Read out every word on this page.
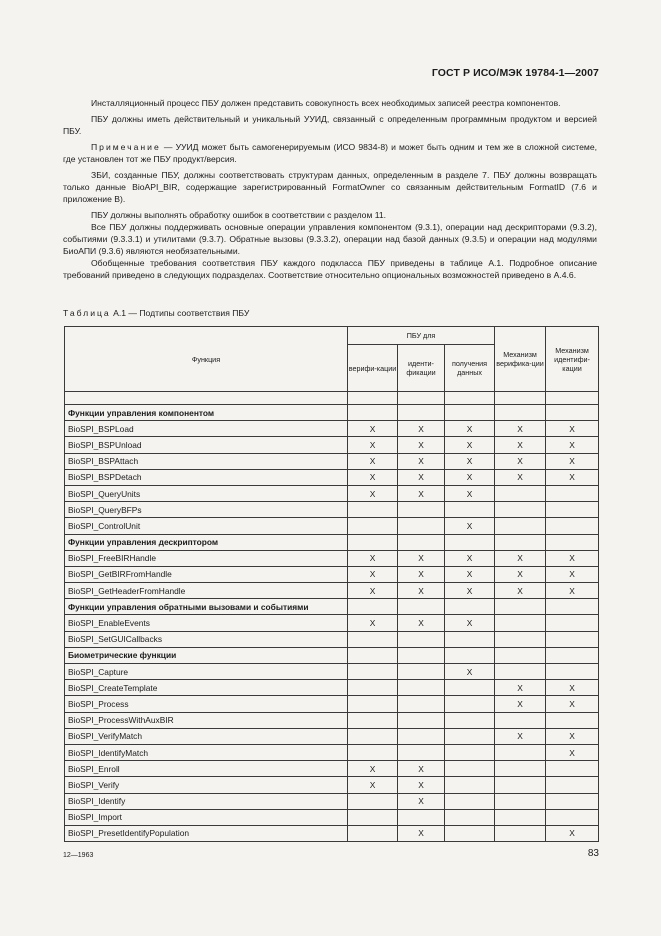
ГОСТ Р ИСО/МЭК 19784-1—2007

Инсталляционный процесс ПБУ должен представить совокупность всех необходимых записей реестра компонентов.

ПБУ должны иметь действительный и уникальный УУИД, связанный с определенным программным продуктом и версией ПБУ.

Примечание — УУИД может быть самогенерируемым (ИСО 9834-8) и может быть одним и тем же в сложной системе, где установлен тот же ПБУ продукт/версия.

ЗБИ, созданные ПБУ, должны соответствовать структурам данных, определенным в разделе 7. ПБУ должны возвращать только данные BioAPI_BIR, содержащие зарегистрированный FormatOwner со связанным действительным FormatID (7.6 и приложение B).

ПБУ должны выполнять обработку ошибок в соответствии с разделом 11.

Все ПБУ должны поддерживать основные операции управления компонентом (9.3.1), операции над дескрипторами (9.3.2), событиями (9.3.3.1) и утилитами (9.3.7). Обратные вызовы (9.3.3.2), операции над базой данных (9.3.5) и операции над модулями БиоАПИ (9.3.6) являются необязательными.

Обобщенные требования соответствия ПБУ каждого подкласса ПБУ приведены в таблице А.1. Подробное описание требований приведено в следующих подразделах. Соответствие относительно опциональных возможностей приведено в А.4.6.

Таблица А.1 — Подтипы соответствия ПБУ
Функция	ПБУ для			Механизм верифика-ции	Механизм идентифи-кации
	верифи-кации	иденти-фикации	получения данных		

Функции управления компонентом					
BioSPI_BSPLoad	X	X	X	X	X
BioSPI_BSPUnload	X	X	X	X	X
BioSPI_BSPAttach	X	X	X	X	X
BioSPI_BSPDetach	X	X	X	X	X
BioSPI_QueryUnits	X	X	X		
BioSPI_QueryBFPs					
BioSPI_ControlUnit			X		
Функции управления дескриптором					
BioSPI_FreeBIRHandle	X	X	X	X	X
BioSPI_GetBIRFromHandle	X	X	X	X	X
BioSPI_GetHeaderFromHandle	X	X	X	X	X
Функции управления обратными вызовами и событиями					
BioSPI_EnableEvents	X	X	X		
BioSPI_SetGUICallbacks					
Биометрические функции					
BioSPI_Capture			X		
BioSPI_CreateTemplate				X	X
BioSPI_Process				X	X
BioSPI_ProcessWithAuxBIR					
BioSPI_VerifyMatch				X	X
BioSPI_IdentifyMatch					X
BioSPI_Enroll	X	X			
BioSPI_Verify	X	X			
BioSPI_Identify		X			
BioSPI_Import					
BioSPI_PresetIdentifyPopulation		X			X
12—1963	83
